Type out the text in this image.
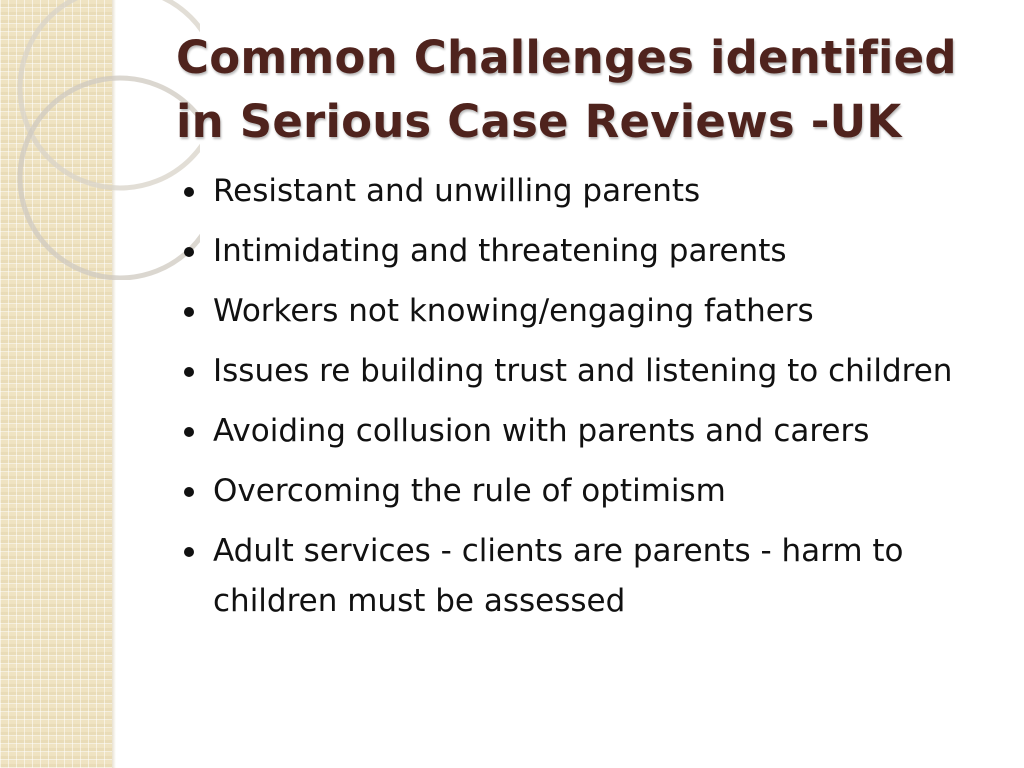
Common Challenges identified in Serious Case Reviews -UK
Resistant and unwilling parents
Intimidating and threatening parents
Workers not knowing/engaging fathers
Issues re building trust and listening to children
Avoiding collusion with parents and carers
Overcoming the rule of optimism
Adult services - clients are parents - harm to children must be assessed
